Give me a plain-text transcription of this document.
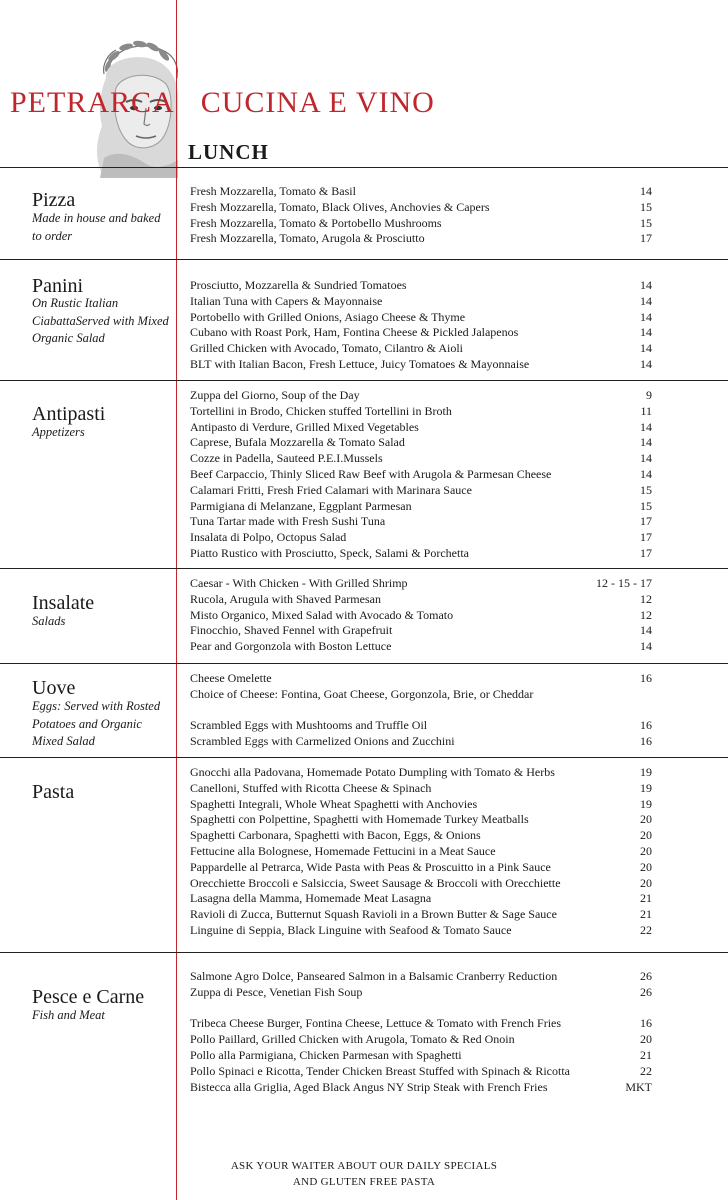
PETRARCA CUCINA E VINO
LUNCH
Pizza
Made in house and baked to order
Fresh Mozzarella, Tomato & Basil	14
Fresh Mozzarella, Tomato, Black Olives, Anchovies & Capers	15
Fresh Mozzarella, Tomato & Portobello Mushrooms	15
Fresh Mozzarella, Tomato, Arugola & Prosciutto	17
Panini
On Rustic Italian CiabattaServed with Mixed Organic Salad
Prosciutto, Mozzarella & Sundried Tomatoes	14
Italian Tuna with Capers & Mayonnaise	14
Portobello with Grilled Onions, Asiago Cheese & Thyme	14
Cubano with Roast Pork, Ham, Fontina Cheese & Pickled Jalapenos	14
Grilled Chicken with Avocado, Tomato, Cilantro & Aioli	14
BLT with Italian Bacon, Fresh Lettuce, Juicy Tomatoes & Mayonnaise	14
Antipasti
Appetizers
Zuppa del Giorno, Soup of the Day	9
Tortellini in Brodo, Chicken stuffed Tortellini in Broth	11
Antipasto di Verdure, Grilled Mixed Vegetables	14
Caprese, Bufala Mozzarella & Tomato Salad	14
Cozze in Padella, Sauteed P.E.I.Mussels	14
Beef Carpaccio, Thinly Sliced Raw Beef with Arugola & Parmesan Cheese	14
Calamari Fritti, Fresh Fried Calamari with Marinara Sauce	15
Parmigiana di Melanzane, Eggplant Parmesan	15
Tuna Tartar made with Fresh Sushi Tuna	17
Insalata di Polpo, Octopus Salad	17
Piatto Rustico with Prosciutto, Speck, Salami & Porchetta	17
Insalate
Salads
Caesar - With Chicken - With Grilled Shrimp	12 - 15 - 17
Rucola, Arugula with Shaved Parmesan	12
Misto Organico, Mixed Salad with Avocado & Tomato	12
Finocchio, Shaved Fennel with Grapefruit	14
Pear and Gorgonzola with Boston Lettuce	14
Uove
Eggs: Served with Rosted Potatoes and Organic Mixed Salad
Cheese Omelette	16
Choice of Cheese: Fontina, Goat Cheese, Gorgonzola, Brie, or Cheddar
Scrambled Eggs with Mushtooms and Truffle Oil	16
Scrambled Eggs with Carmelized Onions and Zucchini	16
Pasta
Gnocchi alla Padovana, Homemade Potato Dumpling with Tomato & Herbs	19
Canelloni, Stuffed with Ricotta Cheese & Spinach	19
Spaghetti Integrali, Whole Wheat Spaghetti with Anchovies	19
Spaghetti con Polpettine, Spaghetti with Homemade Turkey Meatballs	20
Spaghetti Carbonara, Spaghetti with Bacon, Eggs, & Onions	20
Fettucine alla Bolognese, Homemade Fettucini in a Meat Sauce	20
Pappardelle al Petrarca, Wide Pasta with Peas & Proscuitto in a Pink Sauce	20
Orecchiette Broccoli e Salsiccia, Sweet Sausage & Broccoli with Orecchiette	20
Lasagna della Mamma, Homemade Meat Lasagna	21
Ravioli di Zucca, Butternut Squash Ravioli in a Brown Butter & Sage Sauce	21
Linguine di Seppia, Black Linguine with Seafood & Tomato Sauce	22
Pesce e Carne
Fish and Meat
Salmone Agro Dolce, Panseared Salmon in a Balsamic Cranberry Reduction	26
Zuppa di Pesce, Venetian Fish Soup	26
Tribeca Cheese Burger, Fontina Cheese, Lettuce & Tomato with French Fries	16
Pollo Paillard, Grilled Chicken with Arugola, Tomato & Red Onoin	20
Pollo alla Parmigiana, Chicken Parmesan with Spaghetti	21
Pollo Spinaci e Ricotta, Tender Chicken Breast Stuffed with Spinach & Ricotta	22
Bistecca alla Griglia, Aged Black Angus NY Strip Steak with French Fries	MKT
ASK YOUR WAITER ABOUT OUR DAILY SPECIALS
AND GLUTEN FREE PASTA
